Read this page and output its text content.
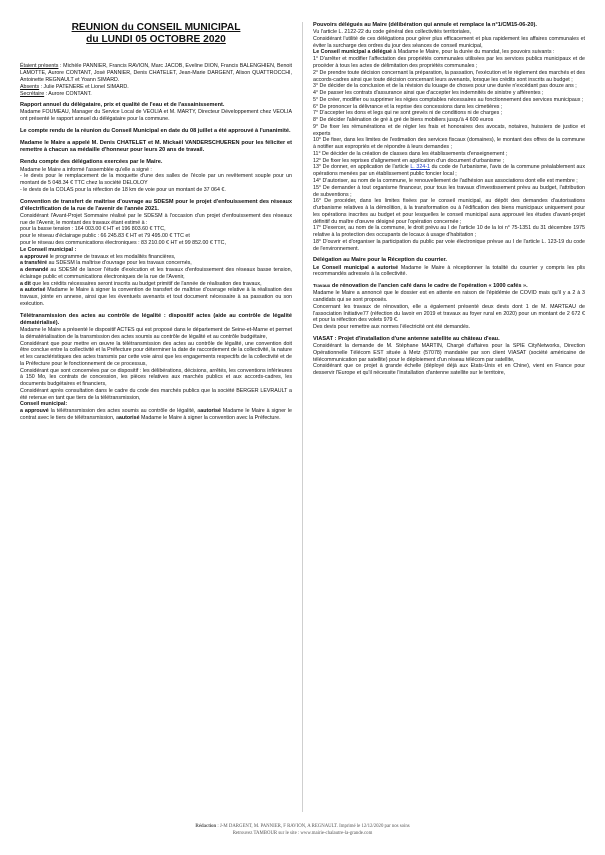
RÉUNION du CONSEIL MUNICIPAL
du LUNDI 05 OCTOBRE 2020

Étaient présents : Michèle PANNIER, Francis RAVION, Marc JACOB, Eveline DION, Francis BALENGHIEN, Benoit LAMOTTE, Aurore CONTANT, José PANNIER, Denis CHATELET, Jean-Marie DARGENT, Alison QUATTROCCHI, Antoinette REGNAULT et Yoann SIMARD.

Absents : Julie PATENERE et Lionel SIMARD.

Secrétaire : Aurore CONTANT.

Rapport annuel du délégataire, prix et qualité de l'eau et de l'assainissement.

Madame FOUMEAU, Manager du Service Local de VEOLIA et M. MARTY, Directeur Développement chez VEOLIA ont présenté le rapport annuel du délégataire pour la commune.

Le compte rendu de la réunion du Conseil Municipal en date du 08 juillet a été approuvé à l'unanimité.

Madame le Maire a appelé M. Denis CHATELET et M. Mickaël VANDERSCHUEREN pour les féliciter et remettre à chacun sa médaille d'honneur pour leurs 20 ans de travail.

Rendu compte des délégations exercées par le Maire.

Madame le Maire a informé l'assemblée qu'elle a signé :

- le devis pour le remplacement de la moquette d'une des salles de l'école par un revêtement souple pour un montant de 5 048.34 € TTC chez la société DELOLOY

- le devis de la COLAS pour la réfection de 18 km de voie pour un montant de 37 064 €.

Convention de transfert de maîtrise d'ouvrage au SDESM pour le projet d'enfouissement des réseaux d'électrification de la rue de l'avenir de l'année 2021.

Considérant l'Avant-Projet Sommaire réalisé par le SDESM à l'occasion d'un projet d'enfouissement des réseaux rue de l'Avenir, le montant des travaux étant estimé à :

pour la basse tension : 164 003.00 € HT et 196 803.60 € TTC,

pour le réseau d'éclairage public : 66 245.83 € HT et 79 495.00 € TTC et

pour le réseau des communications électroniques : 83 210.00 € HT et 99 852.00 € TTC,

Le Conseil municipal :

a approuvé le programme de travaux et les modalités financières,

a transféré au SDESM la maîtrise d'ouvrage pour les travaux concernés,

a demandé au SDESM de lancer l'étude d'exécution et les travaux d'enfouissement des réseaux basse tension, éclairage public et communications électroniques de la rue de l'Avenir,

a dit que les crédits nécessaires seront inscrits au budget primitif de l'année de réalisation des travaux,

a autorisé Madame le Maire à signer la convention de transfert de maîtrise d'ouvrage relative à la réalisation des travaux, jointe en annexe, ainsi que les éventuels avenants et tout document nécessaire à sa passation ou son exécution.

Télétransmission des actes au contrôle de légalité : dispositif actes (aide au contrôle de légalité dématérialisé).

Madame le Maire a présenté le dispositif ACTES qui est proposé dans le département de Seine-et-Marne et permet la dématérialisation de la transmission des actes soumis au contrôle de légalité et au contrôle budgétaire,

Considérant que pour mettre en œuvre la télétransmission des actes au contrôle de légalité, une convention doit être conclue entre la collectivité et la Préfecture pour déterminer la date de raccordement de la collectivité, la nature et les caractéristiques des actes transmis par cette voie ainsi que les engagements respectifs de la collectivité et de la Préfecture pour le fonctionnement de ce processus,

Considérant que sont concernées par ce dispositif : les délibérations, décisions, arrêtés, les conventions inférieures à 150 Mo, les contrats de concession, les pièces relatives aux marchés publics et aux accords-cadres, les documents budgétaires et financiers,

Considérant après consultation dans le cadre du code des marchés publics que la société BERGER LEVRAULT a été retenue en tant que tiers de la télétransmission,

Conseil municipal:

a approuvé la télétransmission des actes soumis au contrôle de légalité, aautorisé Madame le Maire à signer le contrat avec le tiers de télétransmission, aautorisé Madame le Maire à signer la convention avec la Préfecture.

Pouvoirs délégués au Maire (délibération qui annule et remplace la n°1/CM15-06-20).

Vu l'article L. 2122-22 du code général des collectivités territoriales,

Considérant l'utilité de ces délégations pour gérer plus efficacement et plus rapidement les affaires communales et éviter la surcharge des ordres du jour des séances de conseil municipal,

Le Conseil municipal a délégué à Madame le Maire, pour la durée du mandat, les pouvoirs suivants :

1° D'arrêter et modifier l'affectation des propriétés communales utilisées par les services publics municipaux et de procéder à tous les actes de délimitation des propriétés communales ;

2° De prendre toute décision concernant la préparation, la passation, l'exécution et le règlement des marchés et des accords-cadres ainsi que toute décision concernant leurs avenants, lorsque les crédits sont inscrits au budget ;

3° De décider de la conclusion et de la révision du louage de choses pour une durée n'excédant pas douze ans ;

4° De passer les contrats d'assurance ainsi que d'accepter les indemnités de sinistre y afférentes ;

5° De créer, modifier ou supprimer les régies comptables nécessaires au fonctionnement des services municipaux ;

6° De prononcer la délivrance et la reprise des concessions dans les cimetières ;

7° D'accepter les dons et legs qui ne sont grevés ni de conditions ni de charges ;

8° De décider l'aliénation de gré à gré de biens mobiliers jusqu'à 4 600 euros

9° De fixer les rémunérations et de régler les frais et honoraires des avocats, notaires, huissiers de justice et experts

10° De fixer, dans les limites de l'estimation des services fiscaux (domaines), le montant des offres de la commune à notifier aux expropriés et de répondre à leurs demandes ;

11° De décider de la création de classes dans les établissements d'enseignement ;

12° De fixer les reprises d'alignement en application d'un document d'urbanisme ;

13° De donner, en application de l'article L. 324-1 du code de l'urbanisme, l'avis de la commune préalablement aux opérations menées par un établissement public foncier local ;

14° D'autoriser, au nom de la commune, le renouvellement de l'adhésion aux associations dont elle est membre ;

15° De demander à tout organisme financeur, pour tous les travaux d'investissement prévu au budget, l'attribution de subventions ;

16° De procéder, dans les limites fixées par le conseil municipal, au dépôt des demandes d'autorisations d'urbanisme relatives à la démolition, à la transformation ou à l'édification des biens municipaux uniquement pour les opérations inscrites au budget et pour lesquelles le conseil municipal aura approuvé les études d'avant-projet définitif du maître d'œuvre désigné pour l'opération concernée ;

17° D'exercer, au nom de la commune, le droit prévu au I de l'article 10 de la loi n° 75-1351 du 31 décembre 1975 relative à la protection des occupants de locaux à usage d'habitation ;

18° D'ouvrir et d'organiser la participation du public par voie électronique prévue au I de l'article L. 123-19 du code de l'environnement.

Délégation au Maire pour la Réception du courrier.

Le Conseil municipal a autorisé Madame le Maire à réceptionner la totalité du courrier y compris les plis recommandés adressés à la collectivité.

Travaux de rénovation de l'ancien café dans le cadre de l'opération « 1000 cafés ».

Madame le Maire a annoncé que le dossier est en attente en raison de l'épidémie de COVID mais qu'il y a 2 à 3 candidats qui se sont proposés.

Concernant les travaux de rénovation, elle a également présenté deux devis dont 1 de M. MARTEAU de l'association Initiative77 (réfection du lavoir en 2019 et travaux au foyer rural en 2020) pour un montant de 2 672 € et pour la réfection des volets 979 €.

Des devis pour remettre aux normes l'électricité ont été demandés.

VIASAT : Projet d'installation d'une antenne satellite au château d'eau.

Considérant la demande de M. Stéphane MARTIN, Chargé d'affaires pour la SPIE CityNetworks, Direction Opérationnelle Télécom EST située à Metz (57078) mandatée par son client VIASAT (société américaine de télécommunication par satellite) pour le déploiement d'un réseau télécom par satellite,

Considérant que ce projet à grande échelle (déployé déjà aux Etats-Unis et en Chine), vient en France pour desservir l'Europe et qu'il nécessite l'installation d'antenne satellite sur le territoire,

Rédaction : J-M DARGENT, M. PANNIER, F RAVION, A REGNAULT. Imprimé le 12/12/2020 par nos soins
Retrouvez TAMBOUR sur le site : www.mairie-chalautre-la-grande.com
